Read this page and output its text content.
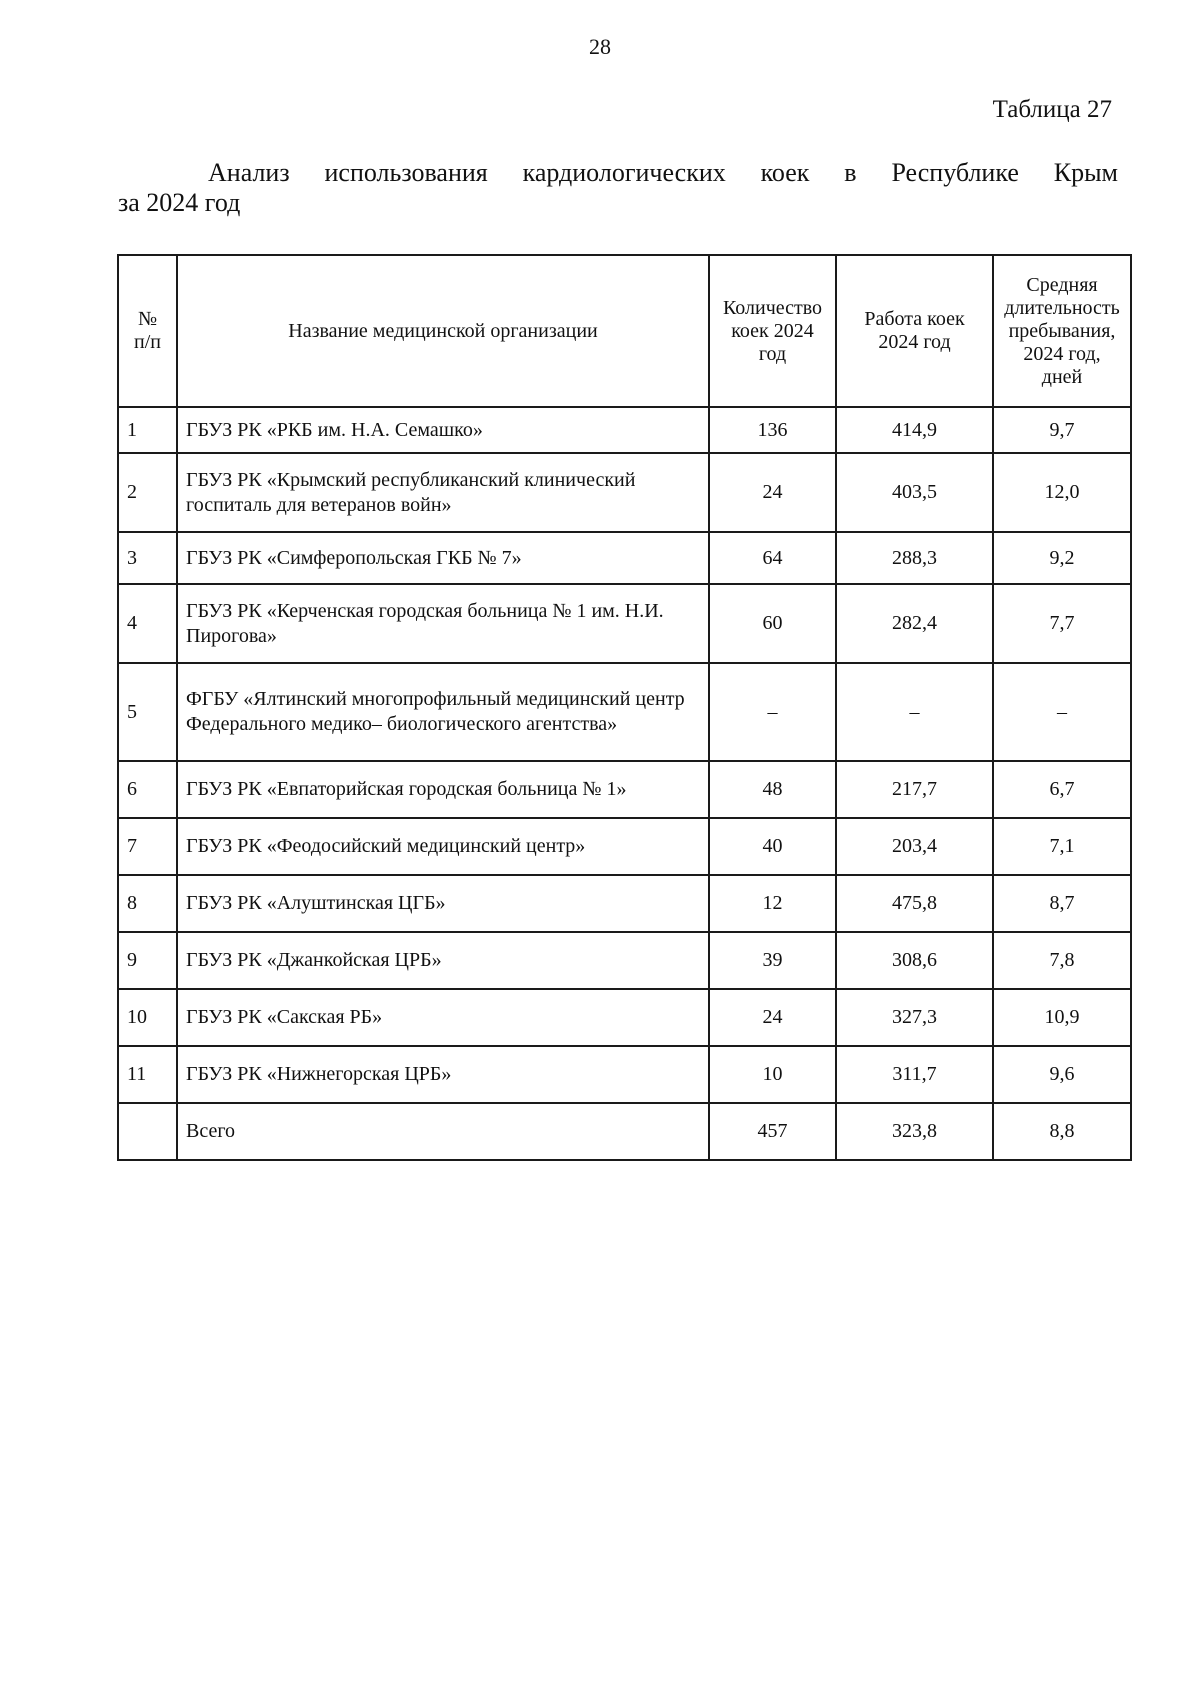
28
Таблица 27
Анализ использования кардиологических коек в Республике Крым
за 2024 год
№
п/п	Название медицинской организации	Количество коек 2024 год	Работа коек 2024 год	Средняя длительность пребывания, 2024 год, дней
1	ГБУЗ РК «РКБ им. Н.А. Семашко»	136	414,9	9,7
2	ГБУЗ РК «Крымский республиканский клинический госпиталь для ветеранов войн»	24	403,5	12,0
3	ГБУЗ РК «Симферопольская ГКБ № 7»	64	288,3	9,2
4	ГБУЗ РК «Керченская городская больница № 1 им. Н.И. Пирогова»	60	282,4	7,7
5	ФГБУ «Ялтинский многопрофильный медицинский центр Федерального медико– биологического агентства»	–	–	–
6	ГБУЗ РК «Евпаторийская городская больница № 1»	48	217,7	6,7
7	ГБУЗ РК «Феодосийский медицинский центр»	40	203,4	7,1
8	ГБУЗ РК «Алуштинская ЦГБ»	12	475,8	8,7
9	ГБУЗ РК «Джанкойская ЦРБ»	39	308,6	7,8
10	ГБУЗ РК «Сакская РБ»	24	327,3	10,9
11	ГБУЗ РК «Нижнегорская ЦРБ»	10	311,7	9,6
	Всего	457	323,8	8,8
